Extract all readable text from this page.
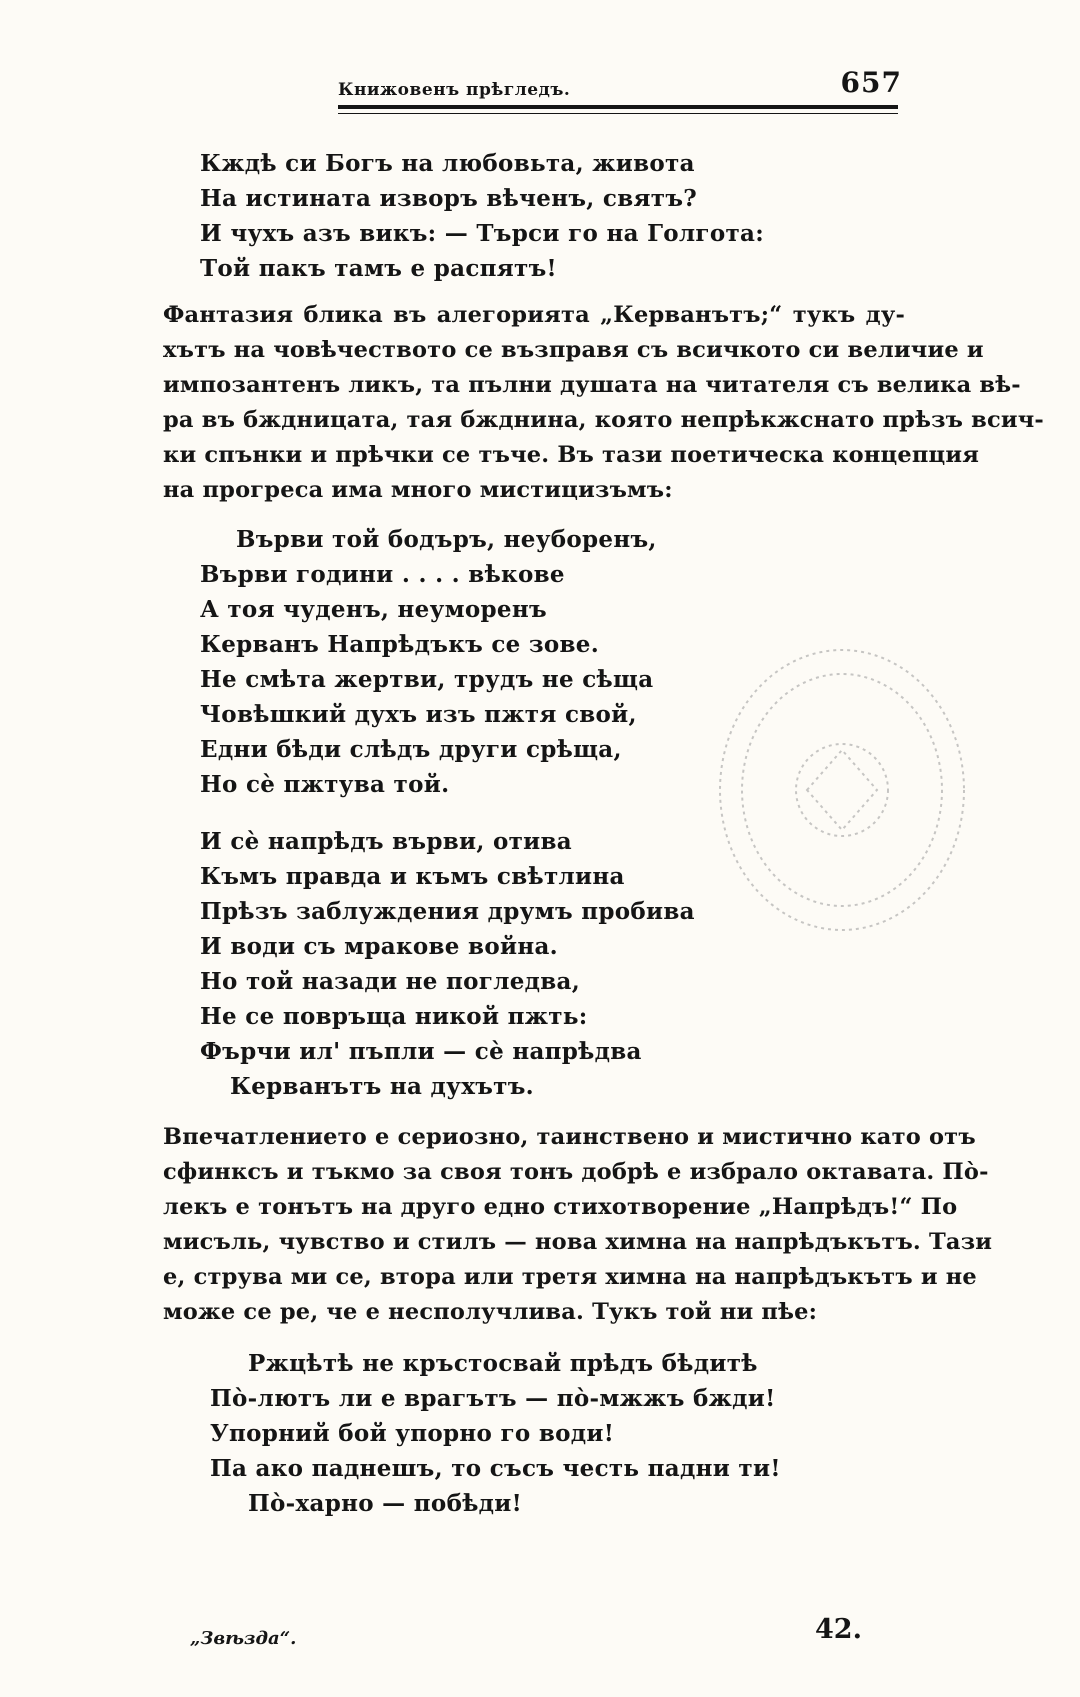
Книжовенъ прѣгледъ.	657
Кждѣ си Богъ на любовьта, живота
На истината изворъ вѣченъ, святъ?
И чухъ азъ викъ: — Търси го на Голгота:
Той пакъ тамъ е распятъ!
Фантазия блика въ алегорията „Керванътъ;“ тукъ ду-
хътъ на човѣчеството се възправя съ всичкото си величие и
импозантенъ ликъ, та пълни душата на читателя съ велика вѣ-
ра въ бждницата, тая бжднина, която непрѣкжснато прѣзъ всич-
ки спънки и прѣчки се тъче. Въ тази поетическа концепция
на прогреса има много мистицизъмъ:
Върви той бодъръ, неуборенъ,
Върви години . . . . вѣкове
А тоя чуденъ, неуморенъ
Керванъ Напрѣдъкъ се зове.
Не смѣта жертви, трудъ не сѣща
Човѣшкий духъ изъ пжтя свой,
Едни бѣди слѣдъ други срѣща,
Но сѐ пжтува той.
И сѐ напрѣдъ върви, отива
Къмъ правда и къмъ свѣтлина
Прѣзъ заблуждения друмъ пробива
И води съ мракове война.
Но той назади не погледва,
Не се повръща никой пжть:
Фърчи ил' пъпли — сѐ напрѣдва
Керванътъ на духътъ.
Впечатлението е сериозно, таинствено и мистично като отъ
сфинксъ и тъкмо за своя тонъ добрѣ е избрало октавата. Пò-
лекъ е тонътъ на друго едно стихотворение „Напрѣдъ!“ По
мисъль, чувство и стилъ — нова химна на напрѣдъкътъ. Тази
е, струва ми се, втора или третя химна на напрѣдъкътъ и не
може се ре, че е несполучлива. Тукъ той ни пѣе:
Ржцѣтѣ не кръстосвай прѣдъ бѣдитѣ
Пò-лютъ ли е врагътъ — пò-мжжъ бжди!
Упорний бой упорно го води!
Па ако паднешъ, то съсъ честь падни ти!
Пò-харно — побѣди!
„Звѣзда“.	42.
